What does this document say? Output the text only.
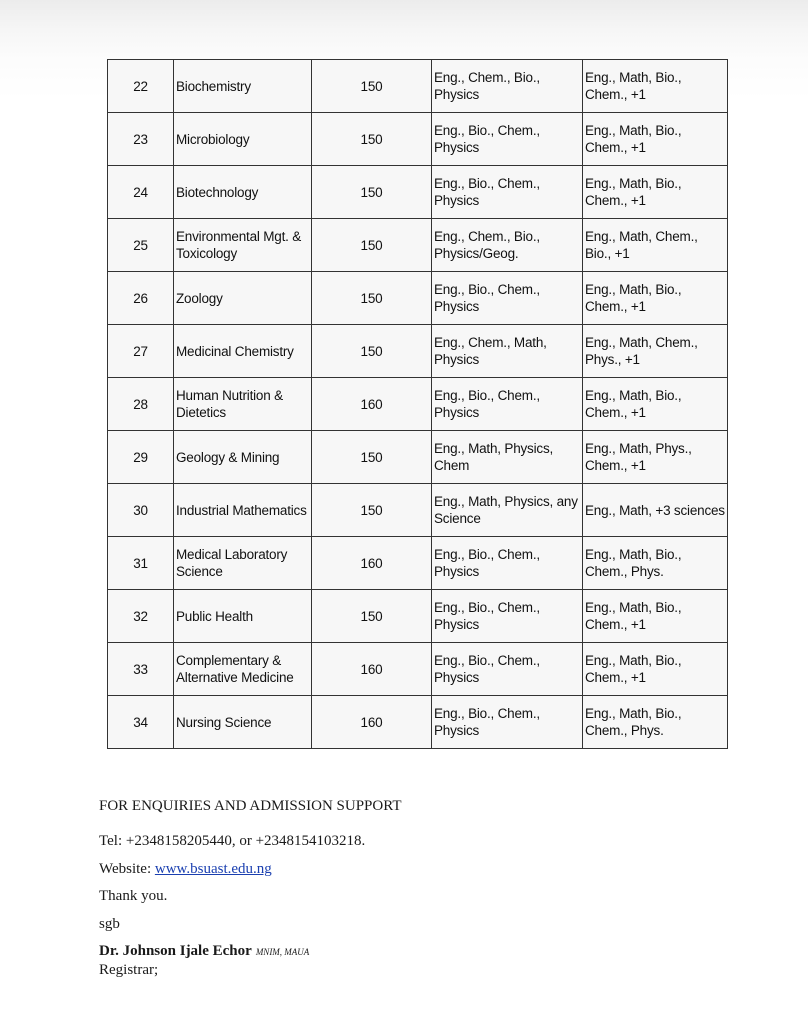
22	Biochemistry	150	Eng., Chem., Bio., Physics	Eng., Math, Bio., Chem., +1
23	Microbiology	150	Eng., Bio., Chem., Physics	Eng., Math, Bio., Chem., +1
24	Biotechnology	150	Eng., Bio., Chem., Physics	Eng., Math, Bio., Chem., +1
25	Environmental Mgt. & Toxicology	150	Eng., Chem., Bio., Physics/Geog.	Eng., Math, Chem., Bio., +1
26	Zoology	150	Eng., Bio., Chem., Physics	Eng., Math, Bio., Chem., +1
27	Medicinal Chemistry	150	Eng., Chem., Math, Physics	Eng., Math, Chem., Phys., +1
28	Human Nutrition & Dietetics	160	Eng., Bio., Chem., Physics	Eng., Math, Bio., Chem., +1
29	Geology & Mining	150	Eng., Math, Physics, Chem	Eng., Math, Phys., Chem., +1
30	Industrial Mathematics	150	Eng., Math, Physics, any Science	Eng., Math, +3 sciences
31	Medical Laboratory Science	160	Eng., Bio., Chem., Physics	Eng., Math, Bio., Chem., Phys.
32	Public Health	150	Eng., Bio., Chem., Physics	Eng., Math, Bio., Chem., +1
33	Complementary & Alternative Medicine	160	Eng., Bio., Chem., Physics	Eng., Math, Bio., Chem., +1
34	Nursing Science	160	Eng., Bio., Chem., Physics	Eng., Math, Bio., Chem., Phys.
FOR ENQUIRIES AND ADMISSION SUPPORT
Tel: +2348158205440, or +2348154103218.
Website: www.bsuast.edu.ng
Thank you.
sgb
Dr. Johnson Ijale Echor MNIM, MAUA
Registrar;
